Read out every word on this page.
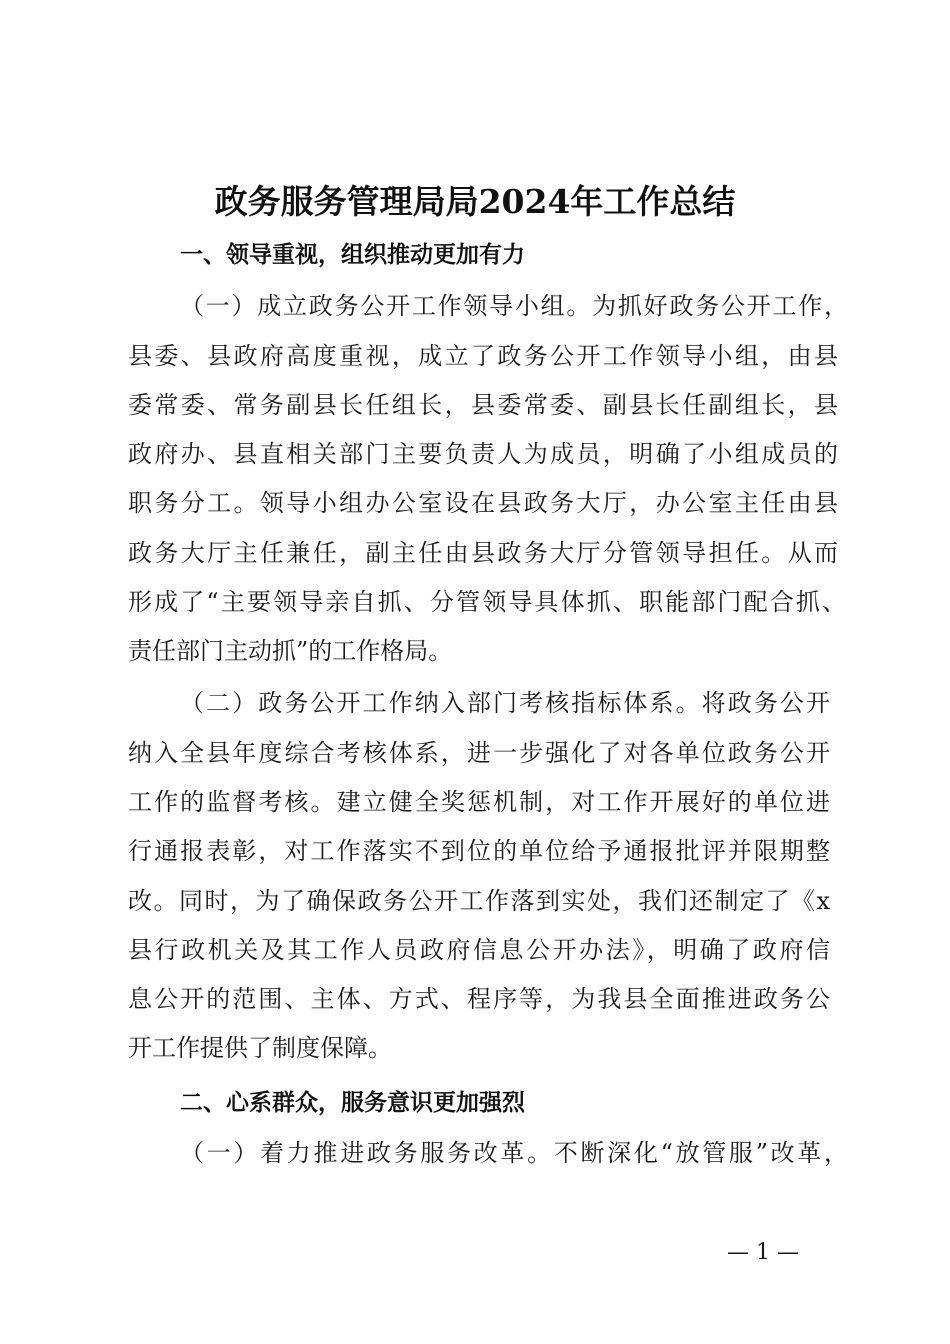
政务服务管理局局2024年工作总结
一、领导重视，组织推动更加有力
（一）成立政务公开工作领导小组。为抓好政务公开工作，
县委、县政府高度重视，成立了政务公开工作领导小组，由县
委常委、常务副县长任组长，县委常委、副县长任副组长，县
政府办、县直相关部门主要负责人为成员，明确了小组成员的
职务分工。领导小组办公室设在县政务大厅，办公室主任由县
政务大厅主任兼任，副主任由县政务大厅分管领导担任。从而
形成了“主要领导亲自抓、分管领导具体抓、职能部门配合抓、
责任部门主动抓”的工作格局。
（二）政务公开工作纳入部门考核指标体系。将政务公开
纳入全县年度综合考核体系，进一步强化了对各单位政务公开
工作的监督考核。建立健全奖惩机制，对工作开展好的单位进
行通报表彰，对工作落实不到位的单位给予通报批评并限期整
改。同时，为了确保政务公开工作落到实处，我们还制定了《x
县行政机关及其工作人员政府信息公开办法》，明确了政府信
息公开的范围、主体、方式、程序等，为我县全面推进政务公
开工作提供了制度保障。
二、心系群众，服务意识更加强烈
（一）着力推进政务服务改革。不断深化“放管服”改革，
— 1 —
